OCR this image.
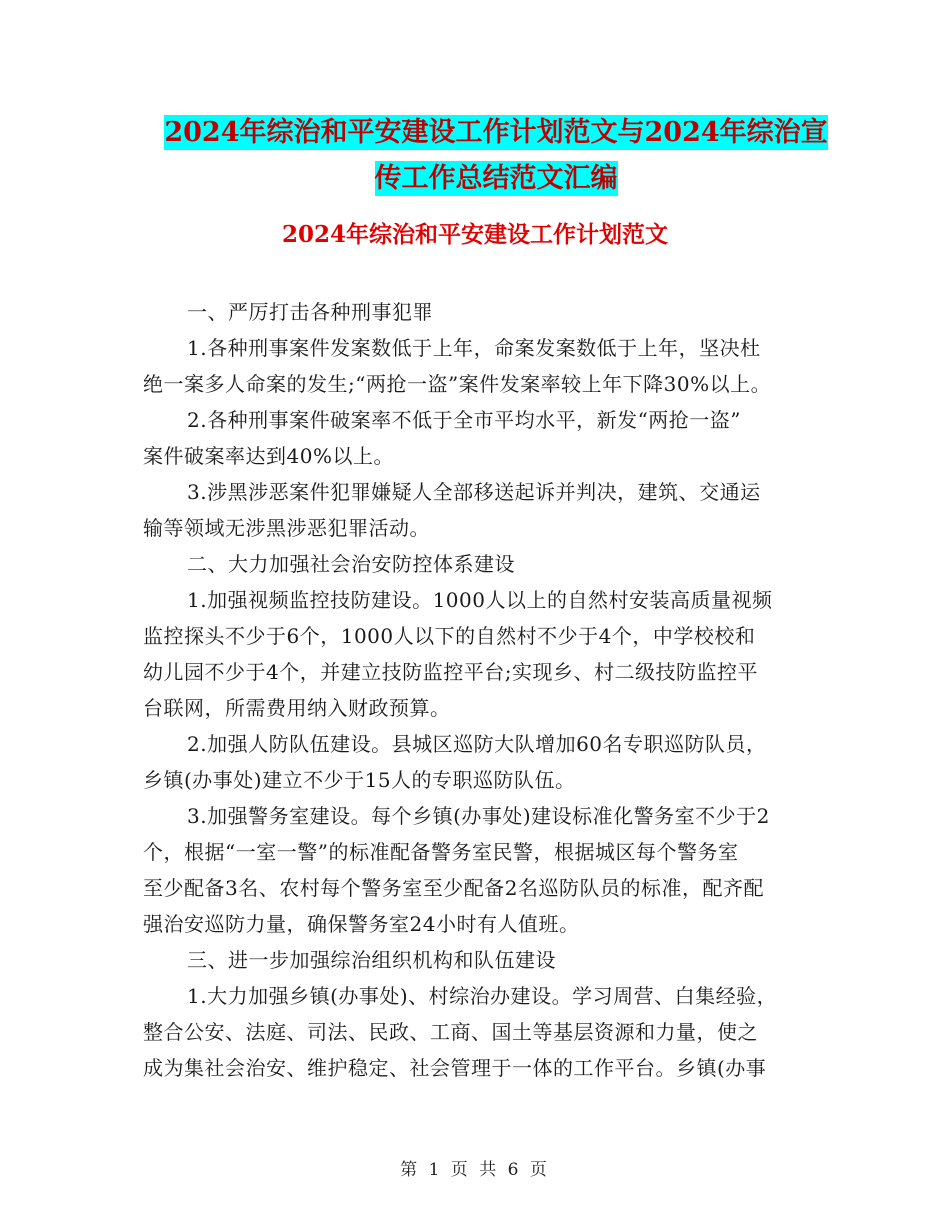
2024年综治和平安建设工作计划范文与2024年综治宣
传工作总结范文汇编
2024年综治和平安建设工作计划范文
一、严厉打击各种刑事犯罪
1.各种刑事案件发案数低于上年，命案发案数低于上年，坚决杜
绝一案多人命案的发生;“两抢一盗”案件发案率较上年下降30%以上。
2.各种刑事案件破案率不低于全市平均水平，新发“两抢一盗”
案件破案率达到40%以上。
3.涉黑涉恶案件犯罪嫌疑人全部移送起诉并判决，建筑、交通运
输等领域无涉黑涉恶犯罪活动。
二、大力加强社会治安防控体系建设
1.加强视频监控技防建设。1000人以上的自然村安装高质量视频
监控探头不少于6个，1000人以下的自然村不少于4个，中学校校和
幼儿园不少于4个，并建立技防监控平台;实现乡、村二级技防监控平
台联网，所需费用纳入财政预算。
2.加强人防队伍建设。县城区巡防大队增加60名专职巡防队员，
乡镇(办事处)建立不少于15人的专职巡防队伍。
3.加强警务室建设。每个乡镇(办事处)建设标准化警务室不少于2
个，根据“一室一警”的标准配备警务室民警，根据城区每个警务室
至少配备3名、农村每个警务室至少配备2名巡防队员的标准，配齐配
强治安巡防力量，确保警务室24小时有人值班。
三、进一步加强综治组织机构和队伍建设
1.大力加强乡镇(办事处)、村综治办建设。学习周营、白集经验，
整合公安、法庭、司法、民政、工商、国土等基层资源和力量，使之
成为集社会治安、维护稳定、社会管理于一体的工作平台。乡镇(办事
第 1 页 共 6 页
